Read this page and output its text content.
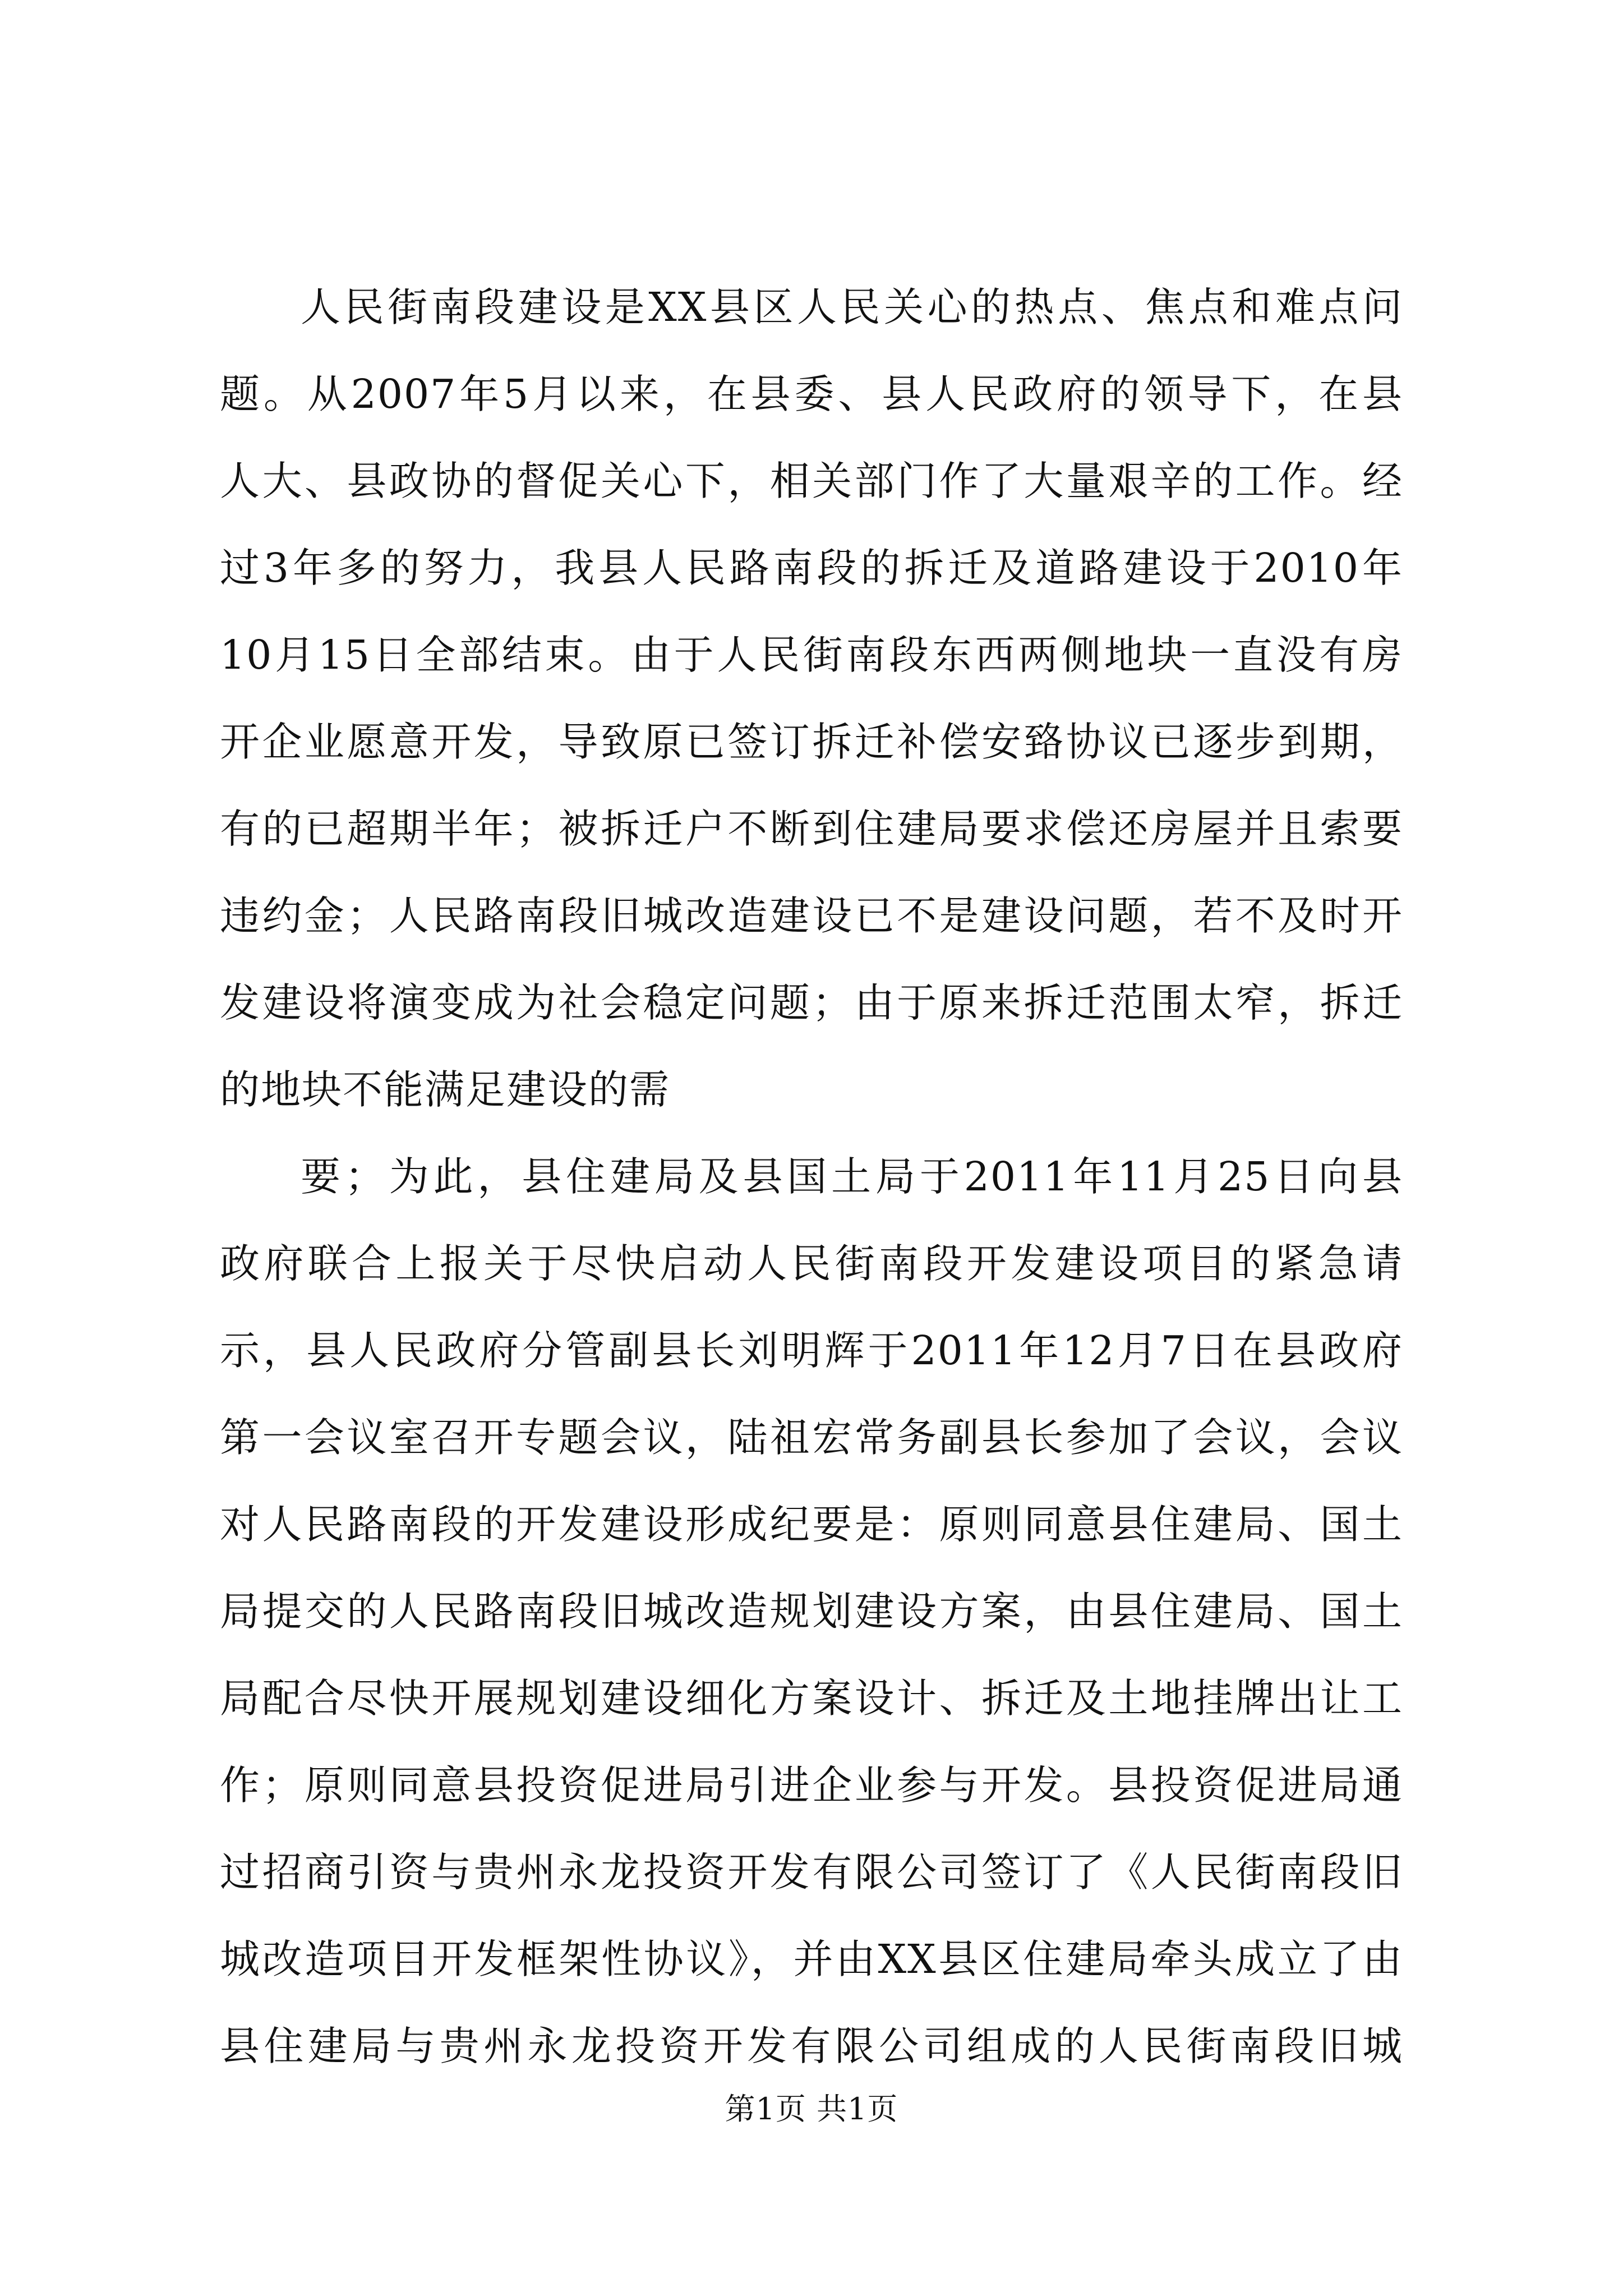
人民街南段建设是XX县区人民关心的热点、焦点和难点问
题。从2007年5月以来，在县委、县人民政府的领导下，在县
人大、县政协的督促关心下，相关部门作了大量艰辛的工作。经
过3年多的努力，我县人民路南段的拆迁及道路建设于2010年
10月15日全部结束。由于人民街南段东西两侧地块一直没有房
开企业愿意开发，导致原已签订拆迁补偿安臵协议已逐步到期，
有的已超期半年；被拆迁户不断到住建局要求偿还房屋并且索要
违约金；人民路南段旧城改造建设已不是建设问题，若不及时开
发建设将演变成为社会稳定问题；由于原来拆迁范围太窄，拆迁
的地块不能满足建设的需
要；为此，县住建局及县国土局于2011年11月25日向县
政府联合上报关于尽快启动人民街南段开发建设项目的紧急请
示，县人民政府分管副县长刘明辉于2011年12月7日在县政府
第一会议室召开专题会议，陆祖宏常务副县长参加了会议，会议
对人民路南段的开发建设形成纪要是：原则同意县住建局、国土
局提交的人民路南段旧城改造规划建设方案，由县住建局、国土
局配合尽快开展规划建设细化方案设计、拆迁及土地挂牌出让工
作；原则同意县投资促进局引进企业参与开发。县投资促进局通
过招商引资与贵州永龙投资开发有限公司签订了《人民街南段旧
城改造项目开发框架性协议》，并由XX县区住建局牵头成立了由
县住建局与贵州永龙投资开发有限公司组成的人民街南段旧城
第1页 共1页
